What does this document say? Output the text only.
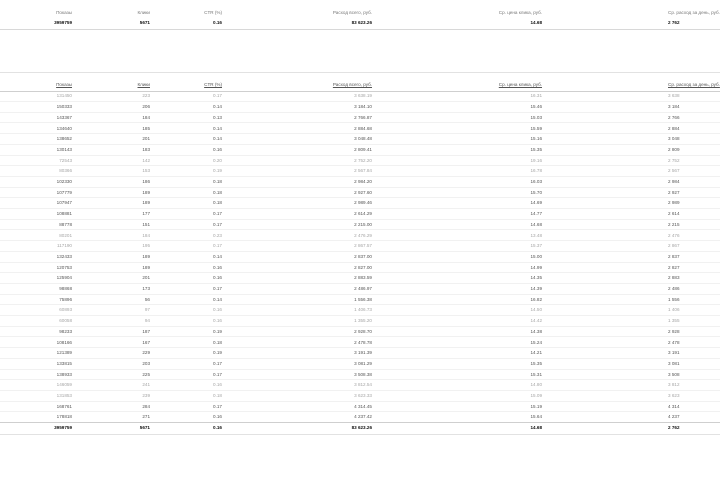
Показы	Клики	CTR (%)	Расход всего, руб.	Ср. цена клика, руб.	Ср. расход за день, руб.
3959759	5671	0.16	83 623.26	14.68	2 762
Показы	Клики	CTR (%)	Расход всего, руб.	Ср. цена клика, руб.	Ср. расход за день, руб.
131450	223	0.17	3 638.19	16.31	3 638
150333	206	0.14	3 184.10	15.46	3 184
143367	184	0.13	2 766.87	15.03	2 766
134640	185	0.14	2 884.68	15.59	2 884
138652	201	0.14	3 048.48	15.16	3 048
130143	183	0.16	2 809.41	15.35	2 809
72543	142	0.20	2 752.20	19.16	2 752
80366	153	0.19	2 567.84	16.78	2 567
102330	186	0.18	2 984.20	16.03	2 984
107779	189	0.18	2 927.60	15.70	2 927
107947	189	0.18	2 989.46	14.69	2 989
108881	177	0.17	2 614.29	14.77	2 614
88778	151	0.17	2 215.00	14.68	2 215
80201	184	0.23	2 476.29	13.48	2 476
117190	195	0.17	2 867.57	15.37	2 867
132433	189	0.14	2 837.00	15.00	2 837
120753	189	0.16	2 827.00	14.99	2 827
125904	201	0.16	2 883.59	14.35	2 883
98868	173	0.17	2 486.97	14.39	2 486
75896	56	0.14	1 556.38	16.82	1 556
60893	97	0.16	1 406.73	14.50	1 406
60058	94	0.16	1 355.20	14.42	1 355
98233	187	0.19	2 928.70	14.38	2 928
108166	167	0.18	2 478.78	15.24	2 478
121389	229	0.19	3 191.39	14.21	3 191
133815	203	0.17	3 081.29	15.35	3 081
138933	225	0.17	3 508.38	15.31	3 508
146059	241	0.16	3 812.54	14.80	3 812
131853	239	0.18	3 623.33	15.09	3 623
168761	284	0.17	4 314.45	15.19	4 314
178818	271	0.16	4 237.42	15.64	4 237
3959759	5671	0.16	83 623.26	14.68	2 762
